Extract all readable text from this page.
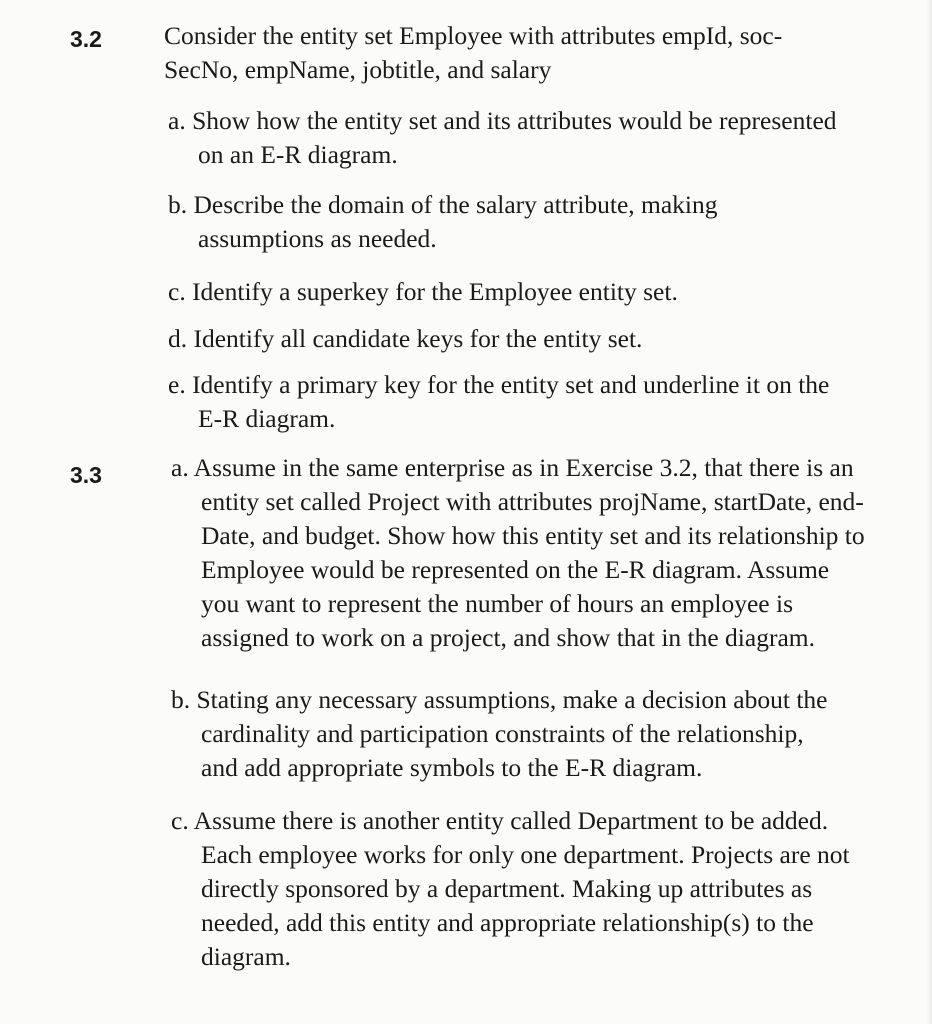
3.2 Consider the entity set Employee with attributes empId, soc-
SecNo, empName, jobtitle, and salary

a. Show how the entity set and its attributes would be represented
on an E-R diagram.

b. Describe the domain of the salary attribute, making
assumptions as needed.

c. Identify a superkey for the Employee entity set.

d. Identify all candidate keys for the entity set.

e. Identify a primary key for the entity set and underline it on the
E-R diagram.

3.3	a. Assume in the same enterprise as in Exercise 3.2, that there is an
entity set called Project with attributes projName, startDate, end-
Date, and budget. Show how this entity set and its relationship to
Employee would be represented on the E-R diagram. Assume
you want to represent the number of hours an employee is
assigned to work on a project, and show that in the diagram.

b. Stating any necessary assumptions, make a decision about the
cardinality and participation constraints of the relationship,
and add appropriate symbols to the E-R diagram.

c. Assume there is another entity called Department to be added.
Each employee works for only one department. Projects are not
directly sponsored by a department. Making up attributes as
needed, add this entity and appropriate relationship(s) to the
diagram.
